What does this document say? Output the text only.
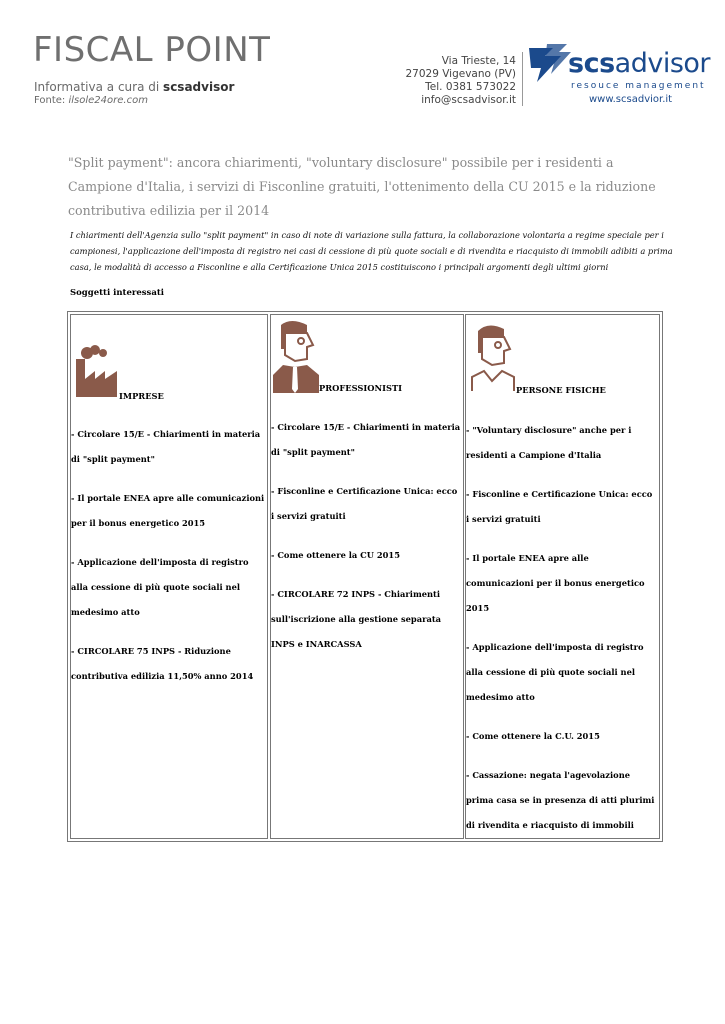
FISCAL POINT
Informativa a cura di scsadvisor
Fonte: ilsole24ore.com
Via Trieste, 14
27029 Vigevano (PV)
Tel. 0381 573022
info@scsadvisor.it
scsadvisor
resouce management
www.scsadvior.it
"Split payment": ancora chiarimenti, "voluntary disclosure" possibile per i residenti a Campione d'Italia, i servizi di Fisconline gratuiti, l'ottenimento della CU 2015 e la riduzione contributiva edilizia per il 2014
I chiarimenti dell'Agenzia sullo "split payment" in caso di note di variazione sulla fattura, la collaborazione volontaria a regime speciale per i campionesi, l'applicazione dell'imposta di registro nei casi di cessione di più quote sociali e di rivendita e riacquisto di immobili adibiti a prima casa, le modalità di accesso a Fisconline e alla Certificazione Unica 2015 costituiscono i principali argomenti degli ultimi giorni
Soggetti interessati
IMPRESE
- Circolare 15/E - Chiarimenti in materia di "split payment"
- Il portale ENEA apre alle comunicazioni per il bonus energetico 2015
- Applicazione dell'imposta di registro alla cessione di più quote sociali nel medesimo atto
- CIRCOLARE 75 INPS - Riduzione contributiva edilizia 11,50% anno 2014
PROFESSIONISTI
- Circolare 15/E - Chiarimenti in materia di "split payment"
- Fisconline e Certificazione Unica: ecco i servizi gratuiti
- Come ottenere la CU 2015
- CIRCOLARE 72 INPS - Chiarimenti sull'iscrizione alla gestione separata INPS e INARCASSA
PERSONE FISICHE
- "Voluntary disclosure" anche per i residenti a Campione d'Italia
- Fisconline e Certificazione Unica: ecco i servizi gratuiti
- Il portale ENEA apre alle comunicazioni per il bonus energetico 2015
- Applicazione dell'imposta di registro alla cessione di più quote sociali nel medesimo atto
- Come ottenere la C.U. 2015
- Cassazione: negata l'agevolazione prima casa se in presenza di atti plurimi di rivendita e riacquisto di immobili
